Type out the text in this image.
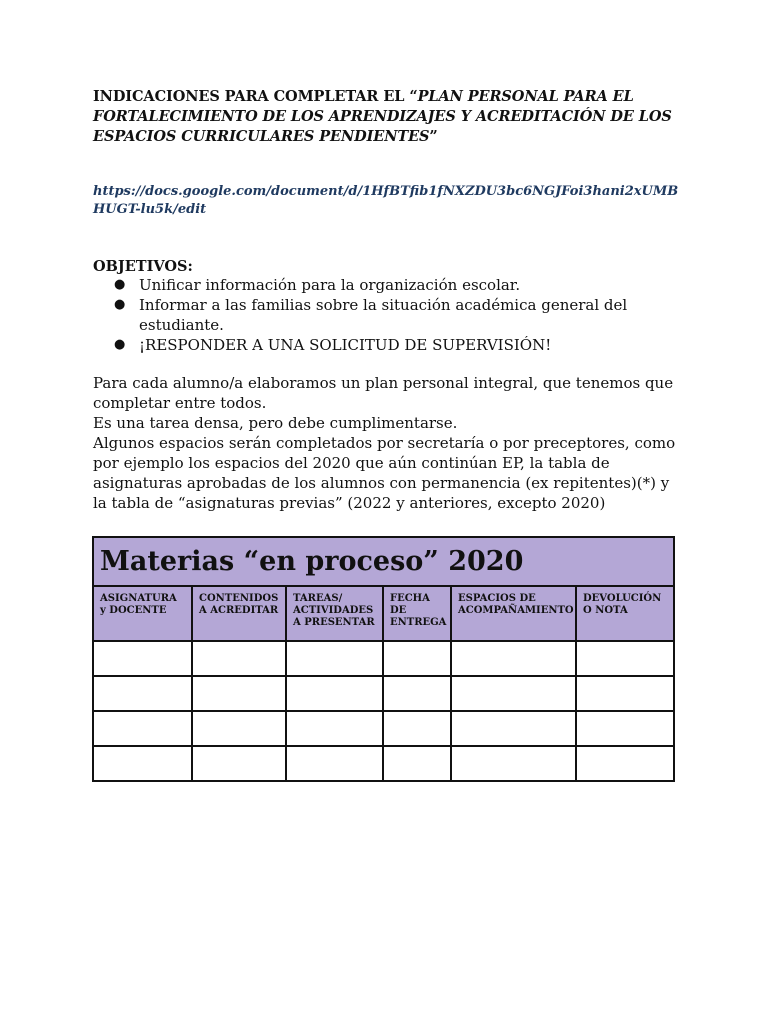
INDICACIONES PARA COMPLETAR EL “PLAN PERSONAL PARA EL FORTALECIMIENTO DE LOS APRENDIZAJES Y ACREDITACIÓN DE LOS ESPACIOS CURRICULARES PENDIENTES”
https://docs.google.com/document/d/1HfBTfib1fNXZDU3bc6NGJFoi3hani2xUMBHUGT-lu5k/edit
OBJETIVOS:
● Unificar información para la organización escolar.
● Informar a las familias sobre la situación académica general del estudiante.
● ¡RESPONDER A UNA SOLICITUD DE SUPERVISIÓN!

Para cada alumno/a elaboramos un plan personal integral, que tenemos que completar entre todos.

Es una tarea densa, pero debe cumplimentarse.

Algunos espacios serán completados por secretaría o por preceptores, como por ejemplo los espacios del 2020 que aún continúan EP, la tabla de asignaturas aprobadas de los alumnos con permanencia (ex repitentes)(*) y la tabla de “asignaturas previas” (2022 y anteriores, excepto 2020)

Materias “en proceso” 2020					
ASIGNATURA y DOCENTE	CONTENIDOS A ACREDITAR	TAREAS/ ACTIVIDADES A PRESENTAR	FECHA DE ENTREGA	ESPACIOS DE ACOMPAÑAMIENTO	DEVOLUCIÓN O NOTA
